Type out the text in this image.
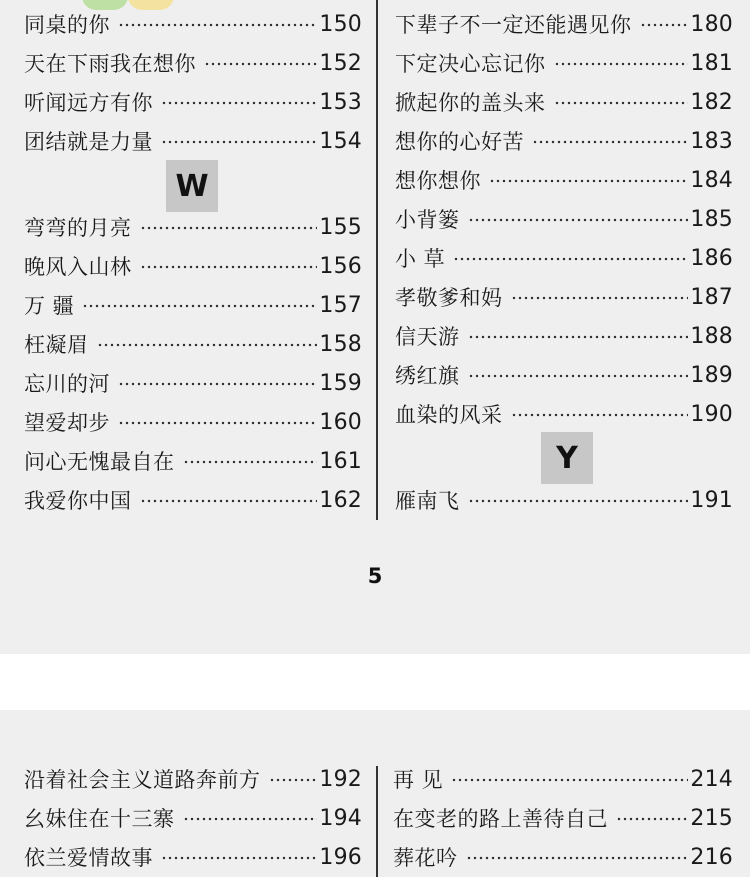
同桌的你	150
天在下雨我在想你	152
听闻远方有你	153
团结就是力量	154
弯弯的月亮	155
晚风入山林	156
万 疆	157
枉凝眉	158
忘川的河	159
望爱却步	160
问心无愧最自在	161
我爱你中国	162
下辈子不一定还能遇见你	180
下定决心忘记你	181
掀起你的盖头来	182
想你的心好苦	183
想你想你	184
小背篓	185
小 草	186
孝敬爹和妈	187
信天游	188
绣红旗	189
血染的风采	190
雁南飞	191
W
Y
5
沿着社会主义道路奔前方	192
幺妹住在十三寨	194
依兰爱情故事	196
再 见	214
在变老的路上善待自己	215
葬花吟	216
